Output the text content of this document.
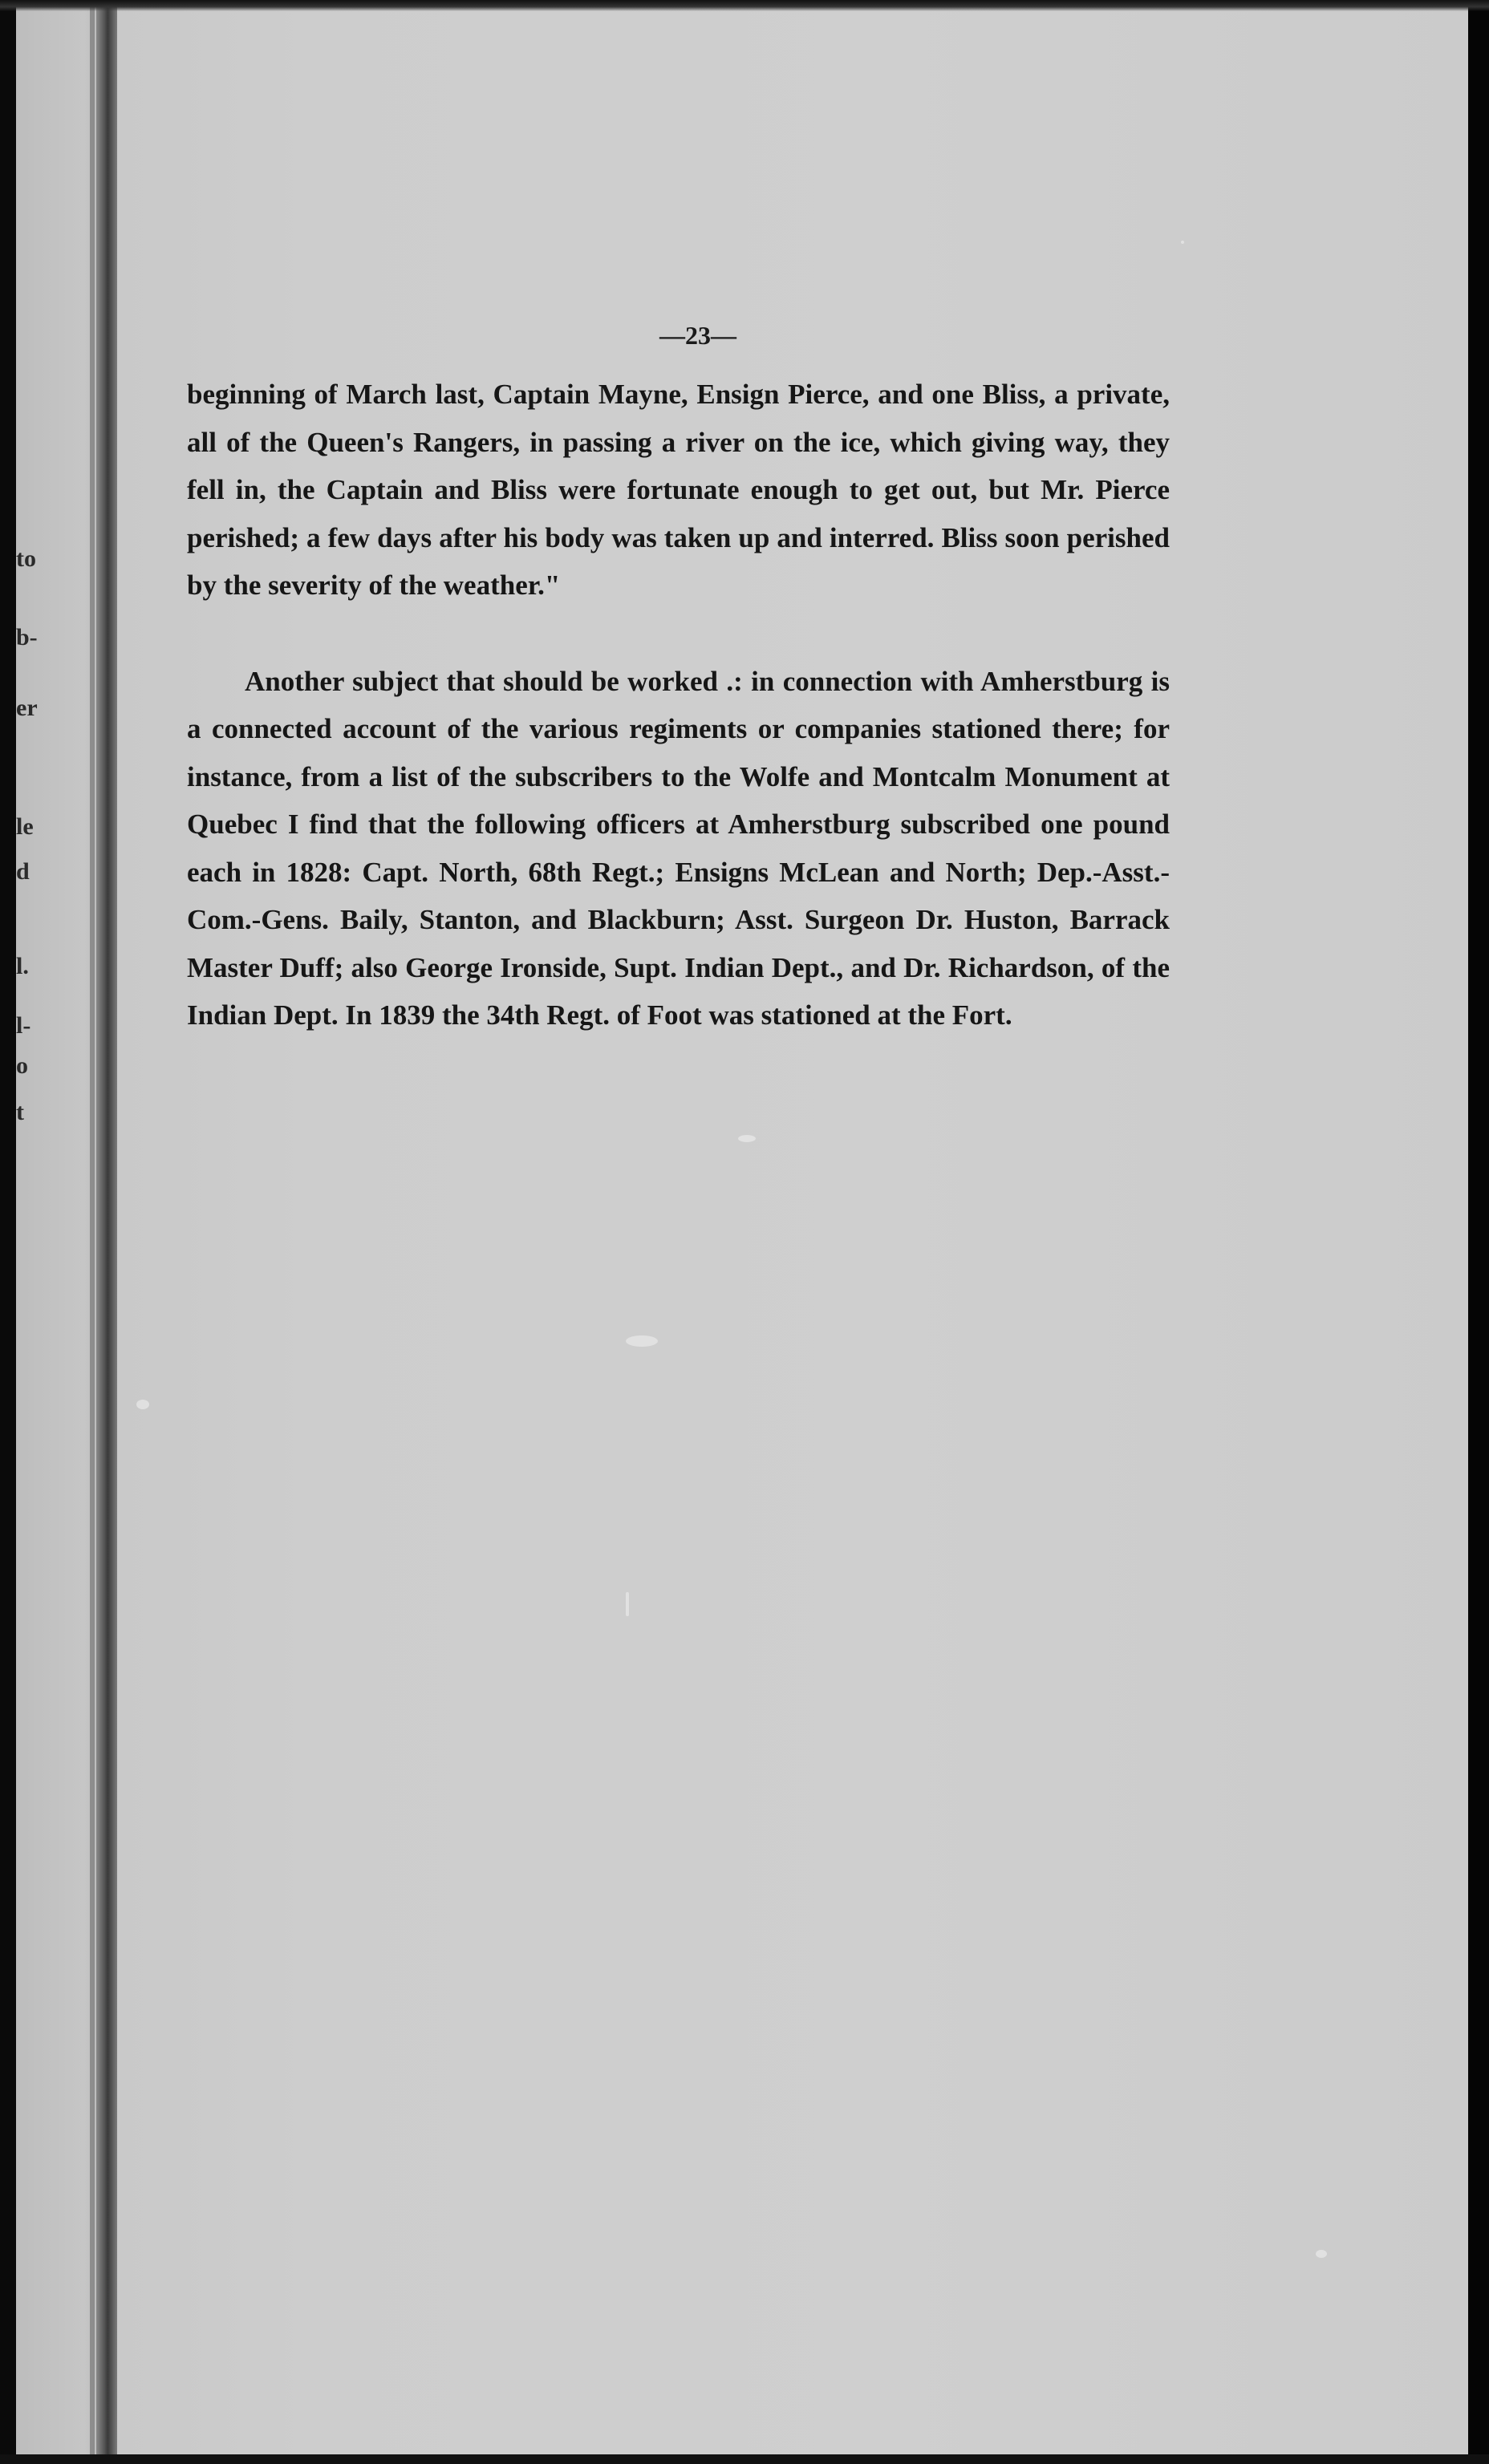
to
b-
er
le
d
l.
l-
o
t
—23—

beginning of March last, Captain Mayne, Ensign Pierce, and one Bliss, a private, all of the Queen's Rangers, in passing a river on the ice, which giving way, they fell in, the Captain and Bliss were fortunate enough to get out, but Mr. Pierce perished; a few days after his body was taken up and interred. Bliss soon perished by the severity of the weather."

Another subject that should be worked .: in connection with Amherstburg is a connected account of the various regiments or companies stationed there; for instance, from a list of the subscribers to the Wolfe and Montcalm Monument at Quebec I find that the following officers at Amherstburg subscribed one pound each in 1828: Capt. North, 68th Regt.; Ensigns McLean and North; Dep.-Asst.-Com.-Gens. Baily, Stanton, and Blackburn; Asst. Surgeon Dr. Huston, Barrack Master Duff; also George Ironside, Supt. Indian Dept., and Dr. Richardson, of the Indian Dept. In 1839 the 34th Regt. of Foot was stationed at the Fort.
